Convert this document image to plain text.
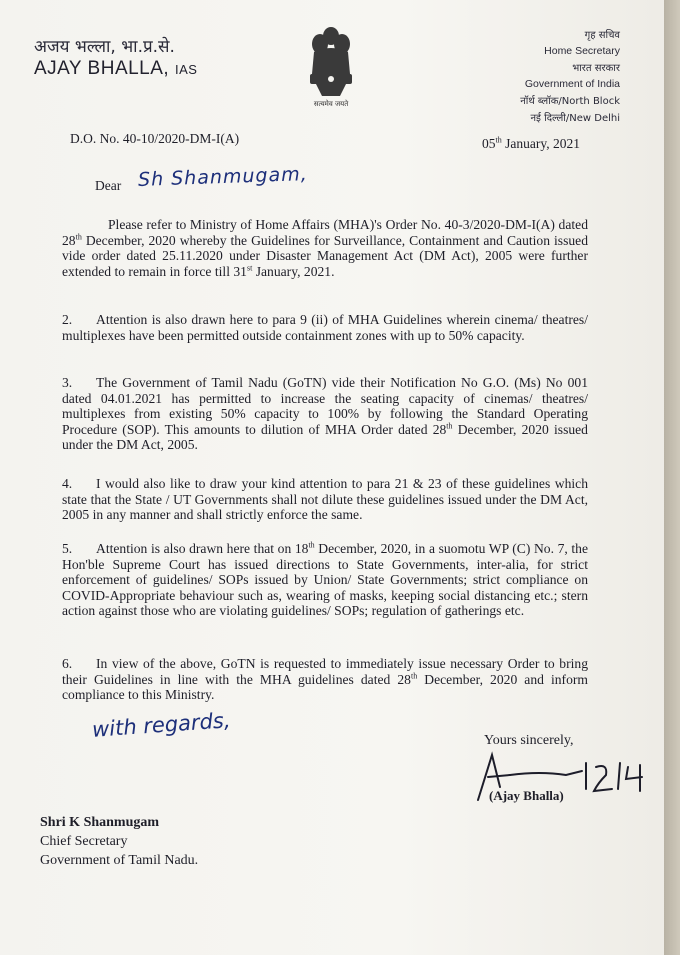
अजय भल्ला, भा.प्र.से.
AJAY BHALLA, IAS
सत्यमेव जयते
गृह सचिव
Home Secretary
भारत सरकार
Government of India
नॉर्थ ब्लॉक/North Block
नई दिल्ली/New Delhi
D.O. No. 40-10/2020-DM-I(A)	05th January, 2021
Dear Sh Shanmugam,
Please refer to Ministry of Home Affairs (MHA)'s Order No. 40-3/2020-DM-I(A) dated 28th December, 2020 whereby the Guidelines for Surveillance, Containment and Caution issued vide order dated 25.11.2020 under Disaster Management Act (DM Act), 2005 were further extended to remain in force till 31st January, 2021.
2. Attention is also drawn here to para 9 (ii) of MHA Guidelines wherein cinema/ theatres/ multiplexes have been permitted outside containment zones with up to 50% capacity.
3. The Government of Tamil Nadu (GoTN) vide their Notification No G.O. (Ms) No 001 dated 04.01.2021 has permitted to increase the seating capacity of cinemas/ theatres/ multiplexes from existing 50% capacity to 100% by following the Standard Operating Procedure (SOP). This amounts to dilution of MHA Order dated 28th December, 2020 issued under the DM Act, 2005.
4. I would also like to draw your kind attention to para 21 & 23 of these guidelines which state that the State / UT Governments shall not dilute these guidelines issued under the DM Act, 2005 in any manner and shall strictly enforce the same.
5. Attention is also drawn here that on 18th December, 2020, in a suomotu WP (C) No. 7, the Hon'ble Supreme Court has issued directions to State Governments, inter-alia, for strict enforcement of guidelines/ SOPs issued by Union/ State Governments; strict compliance on COVID-Appropriate behaviour such as, wearing of masks, keeping social distancing etc.; stern action against those who are violating guidelines/ SOPs; regulation of gatherings etc.
6. In view of the above, GoTN is requested to immediately issue necessary Order to bring their Guidelines in line with the MHA guidelines dated 28th December, 2020 and inform compliance to this Ministry.
with regards,	Yours sincerely,
(Ajay Bhalla)
Shri K Shanmugam
Chief Secretary
Government of Tamil Nadu.
